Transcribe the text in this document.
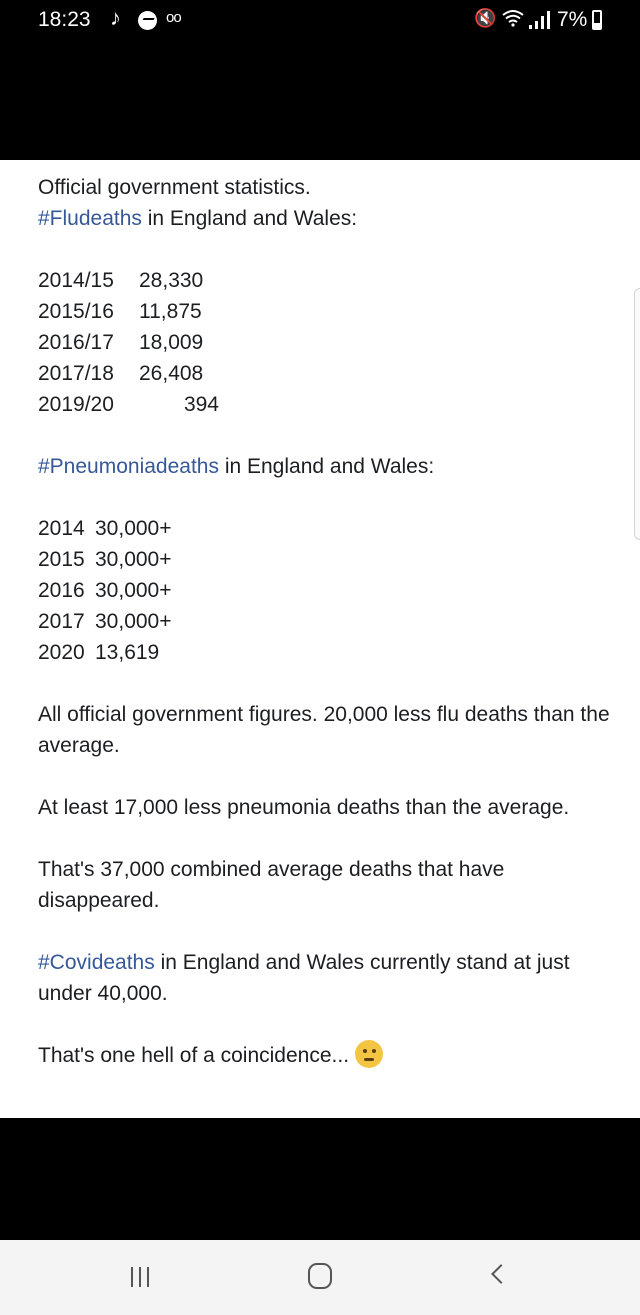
18:23 ♪	oo	🔇	7%
Official government statistics.
#Fludeaths in England and Wales:
2014/15	28,330
2015/16	11,875
2016/17	18,009
2017/18	26,408
2019/20	394
#Pneumoniadeaths in England and Wales:
2014 30,000+
2015 30,000+
2016 30,000+
2017 30,000+
2020 13,619
All official government figures. 20,000 less flu deaths than the average.
At least 17,000 less pneumonia deaths than the average.
That's 37,000 combined average deaths that have disappeared.
#Covideaths in England and Wales currently stand at just under 40,000.
That's one hell of a coincidence...
